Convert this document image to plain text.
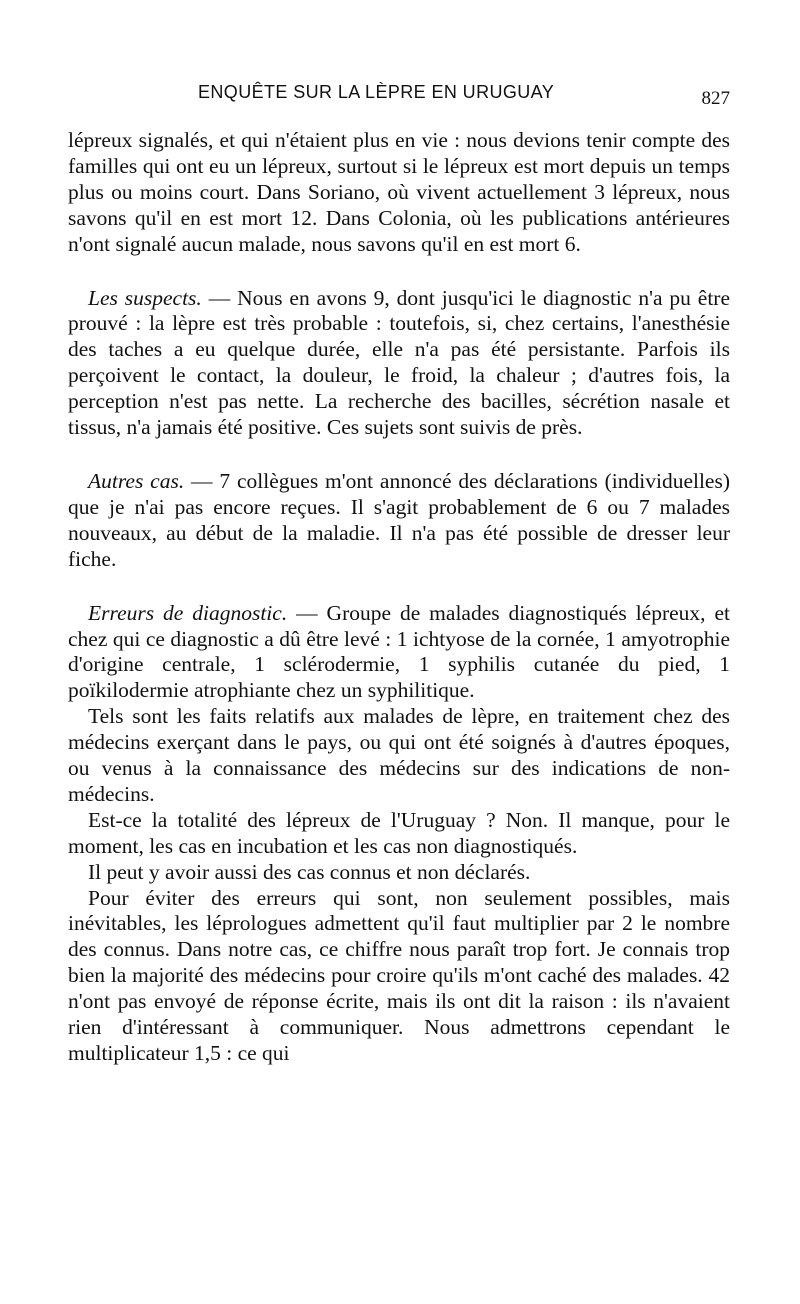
ENQUÊTE SUR LA LÈPRE EN URUGUAY	827

lépreux signalés, et qui n'étaient plus en vie : nous devions tenir compte des familles qui ont eu un lépreux, surtout si le lépreux est mort depuis un temps plus ou moins court. Dans Soriano, où vivent actuellement 3 lépreux, nous savons qu'il en est mort 12. Dans Colonia, où les publications antérieures n'ont signalé aucun malade, nous savons qu'il en est mort 6.

Les suspects. — Nous en avons 9, dont jusqu'ici le diagnostic n'a pu être prouvé : la lèpre est très probable : toutefois, si, chez certains, l'anesthésie des taches a eu quelque durée, elle n'a pas été persistante. Parfois ils perçoivent le contact, la douleur, le froid, la chaleur ; d'autres fois, la perception n'est pas nette. La recherche des bacilles, sécrétion nasale et tissus, n'a jamais été positive. Ces sujets sont suivis de près.

Autres cas. — 7 collègues m'ont annoncé des déclarations (individuelles) que je n'ai pas encore reçues. Il s'agit probablement de 6 ou 7 malades nouveaux, au début de la maladie. Il n'a pas été possible de dresser leur fiche.

Erreurs de diagnostic. — Groupe de malades diagnostiqués lépreux, et chez qui ce diagnostic a dû être levé : 1 ichtyose de la cornée, 1 amyotrophie d'origine centrale, 1 sclérodermie, 1 syphilis cutanée du pied, 1 poïkilodermie atrophiante chez un syphilitique.

Tels sont les faits relatifs aux malades de lèpre, en traitement chez des médecins exerçant dans le pays, ou qui ont été soignés à d'autres époques, ou venus à la connaissance des médecins sur des indications de non-médecins.

Est-ce la totalité des lépreux de l'Uruguay ? Non. Il manque, pour le moment, les cas en incubation et les cas non diagnostiqués.

Il peut y avoir aussi des cas connus et non déclarés.

Pour éviter des erreurs qui sont, non seulement possibles, mais inévitables, les léprologues admettent qu'il faut multiplier par 2 le nombre des connus. Dans notre cas, ce chiffre nous paraît trop fort. Je connais trop bien la majorité des médecins pour croire qu'ils m'ont caché des malades. 42 n'ont pas envoyé de réponse écrite, mais ils ont dit la raison : ils n'avaient rien d'intéressant à communiquer. Nous admettrons cependant le multiplicateur 1,5 : ce qui
